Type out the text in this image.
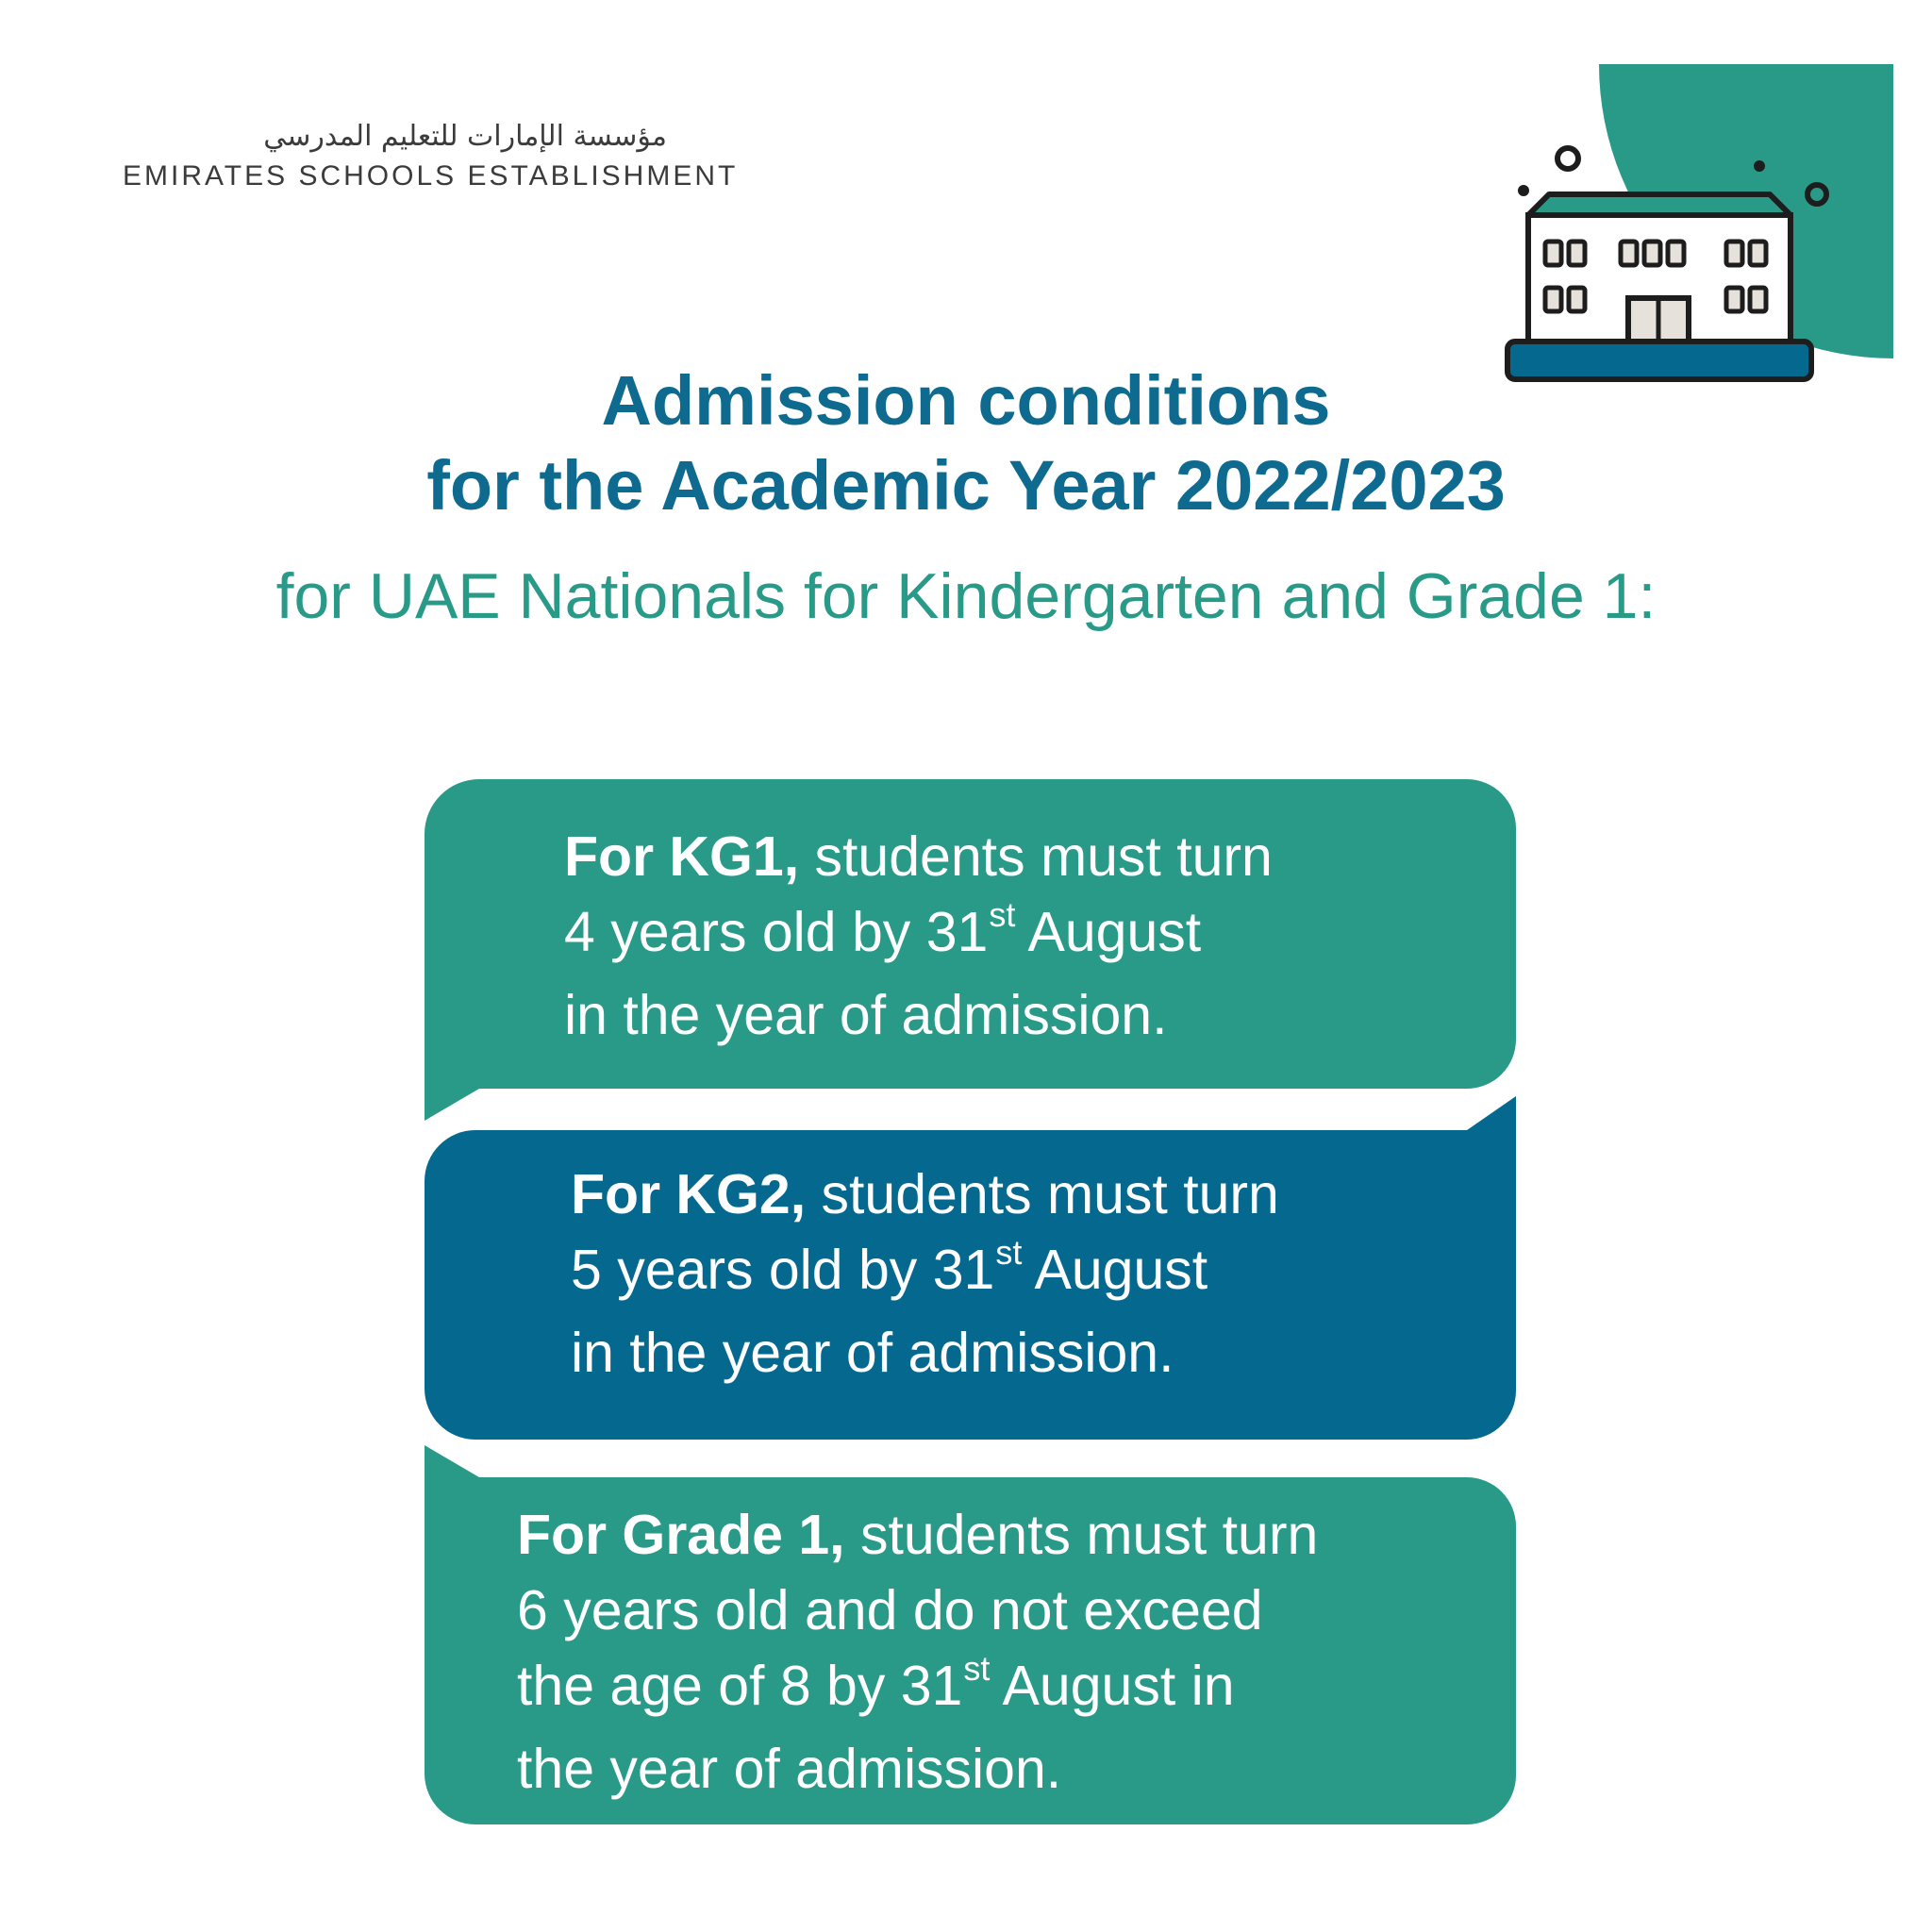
مؤسسة الإمارات للتعليم المدرسي
EMIRATES SCHOOLS ESTABLISHMENT
Admission conditions
for the Academic Year 2022/2023
for UAE Nationals for Kindergarten and Grade 1:
For KG1, students must turn
4 years old by 31st August
in the year of admission.
For KG2, students must turn
5 years old by 31st August
in the year of admission.
For Grade 1, students must turn
6 years old and do not exceed
the age of 8 by 31st August in
the year of admission.
